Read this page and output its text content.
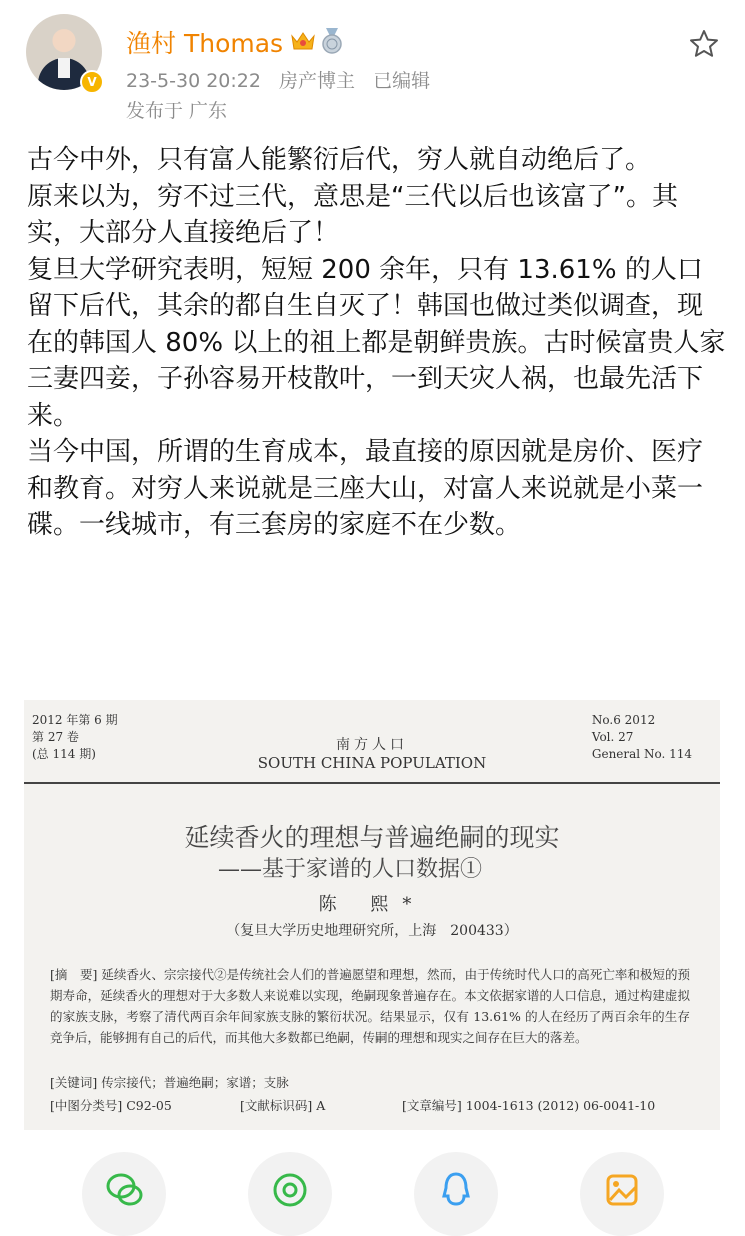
V
渔村 Thomas
23-5-30 20:22 房产博主 已编辑
发布于 广东

古今中外，只有富人能繁衍后代，穷人就自动绝后了。

原来以为，穷不过三代，意思是“三代以后也该富了”。其实，大部分人直接绝后了！

复旦大学研究表明，短短 200 余年，只有 13.61% 的人口留下后代，其余的都自生自灭了！韩国也做过类似调查，现在的韩国人 80% 以上的祖上都是朝鲜贵族。古时候富贵人家三妻四妾，子孙容易开枝散叶，一到天灾人祸，也最先活下来。

当今中国，所谓的生育成本，最直接的原因就是房价、医疗和教育。对穷人来说就是三座大山，对富人来说就是小菜一碟。一线城市，有三套房的家庭不在少数。

2012 年第 6 期
第 27 卷
(总 114 期)
No.6 2012
Vol. 27
General No. 114
南方人口
SOUTH CHINA POPULATION
延续香火的理想与普遍绝嗣的现实
——基于家谱的人口数据①
陈 熙*
（复旦大学历史地理研究所，上海　200433）
[摘　要] 延续香火、宗宗接代②是传统社会人们的普遍愿望和理想，然而，由于传统时代人口的高死亡率和极短的预期寿命，延续香火的理想对于大多数人来说难以实现，绝嗣现象普遍存在。本文依据家谱的人口信息，通过构建虚拟的家族支脉，考察了清代两百余年间家族支脉的繁衍状况。结果显示，仅有 13.61% 的人在经历了两百余年的生存竞争后，能够拥有自己的后代，而其他大多数都已绝嗣，传嗣的理想和现实之间存在巨大的落差。
[关键词] 传宗接代；普遍绝嗣；家谱；支脉
[中图分类号] C92-05	[文献标识码] A	[文章编号] 1004-1613 (2012) 06-0041-10
